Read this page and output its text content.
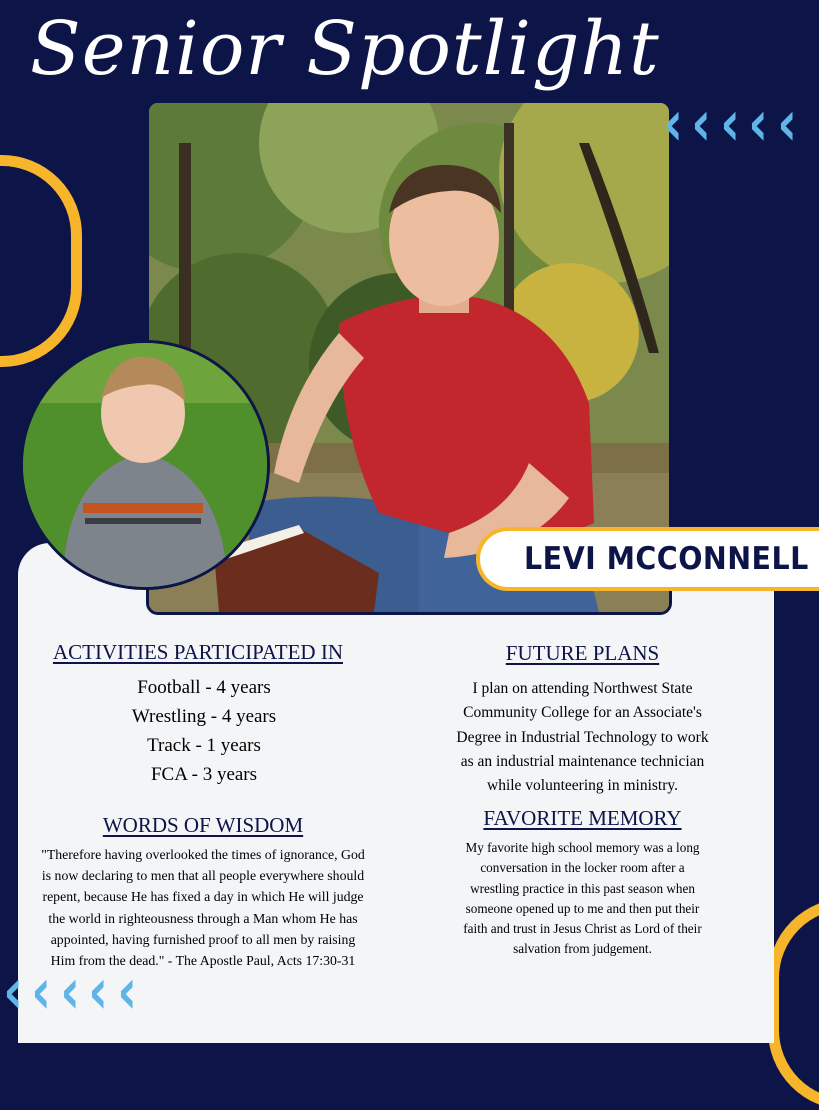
Senior Spotlight
‹ ‹ ‹ ‹ ‹
‹ ‹ ‹ ‹ ‹
LEVI MCCONNELL
ACTIVITIES PARTICIPATED IN
Football - 4 years
Wrestling - 4 years
Track - 1 years
FCA - 3 years
FUTURE PLANS
I plan on attending Northwest State
Community College for an Associate's
Degree in Industrial Technology to work
as an industrial maintenance technician
while volunteering in ministry.
WORDS OF WISDOM
"Therefore having overlooked the times of ignorance, God
is now declaring to men that all people everywhere should
repent, because He has fixed a day in which He will judge
the world in righteousness through a Man whom He has
appointed, having furnished proof to all men by raising
Him from the dead." - The Apostle Paul, Acts 17:30-31
FAVORITE MEMORY
My favorite high school memory was a long
conversation in the locker room after a
wrestling practice in this past season when
someone opened up to me and then put their
faith and trust in Jesus Christ as Lord of their
salvation from judgement.
